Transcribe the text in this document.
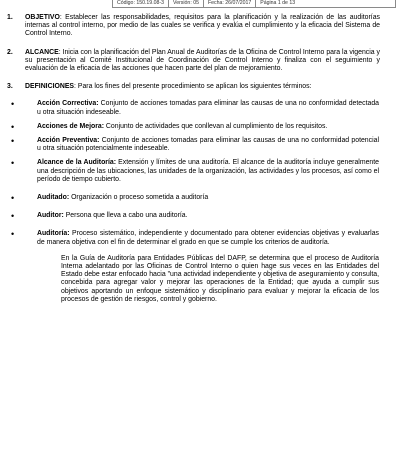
Código: 150.19.08-3	Versión: 05	Fecha: 26/07/2017	Página 1 de 13
1. OBJETIVO: Establecer las responsabilidades, requisitos para la planificación y la realización de las auditorías internas al control interno, por medio de las cuales se verifica y evalúa el cumplimiento y la eficacia del Sistema de Control Interno.
2. ALCANCE: Inicia con la planificación del Plan Anual de Auditorías de la Oficina de Control Interno para la vigencia y su presentación al Comité Institucional de Coordinación de Control Interno y finaliza con el seguimiento y evaluación de la eficacia de las acciones que hacen parte del plan de mejoramiento.
3. DEFINICIONES: Para los fines del presente procedimiento se aplican los siguientes términos:
•	Acción Correctiva: Conjunto de acciones tomadas para eliminar las causas de una no conformidad detectada u otra situación indeseable.
•	Acciones de Mejora: Conjunto de actividades que conllevan al cumplimiento de los requisitos.
•	Acción Preventiva: Conjunto de acciones tomadas para eliminar las causas de una no conformidad potencial u otra situación potencialmente indeseable.
•	Alcance de la Auditoría: Extensión y límites de una auditoría. El alcance de la auditoría incluye generalmente una descripción de las ubicaciones, las unidades de la organización, las actividades y los procesos, así como el período de tiempo cubierto.
•	Auditado: Organización o proceso sometida a auditoría
•	Auditor: Persona que lleva a cabo una auditoría.
•	Auditoría: Proceso sistemático, independiente y documentado para obtener evidencias objetivas y evaluarlas de manera objetiva con el fin de determinar el grado en que se cumple los criterios de auditoría.
En la Guía de Auditoría para Entidades Públicas del DAFP, se determina que el proceso de Auditoría Interna adelantado por las Oficinas de Control Interno o quien hage sus veces en las Entidades del Estado debe estar enfocado hacia "una actividad independiente y objetiva de aseguramiento y consulta, concebida para agregar valor y mejorar las operaciones de la Entidad; que ayuda a cumplir sus objetivos aportando un enfoque sistemático y disciplinario para evaluar y mejorar la eficacia de los procesos de gestión de riesgos, control y gobierno.
